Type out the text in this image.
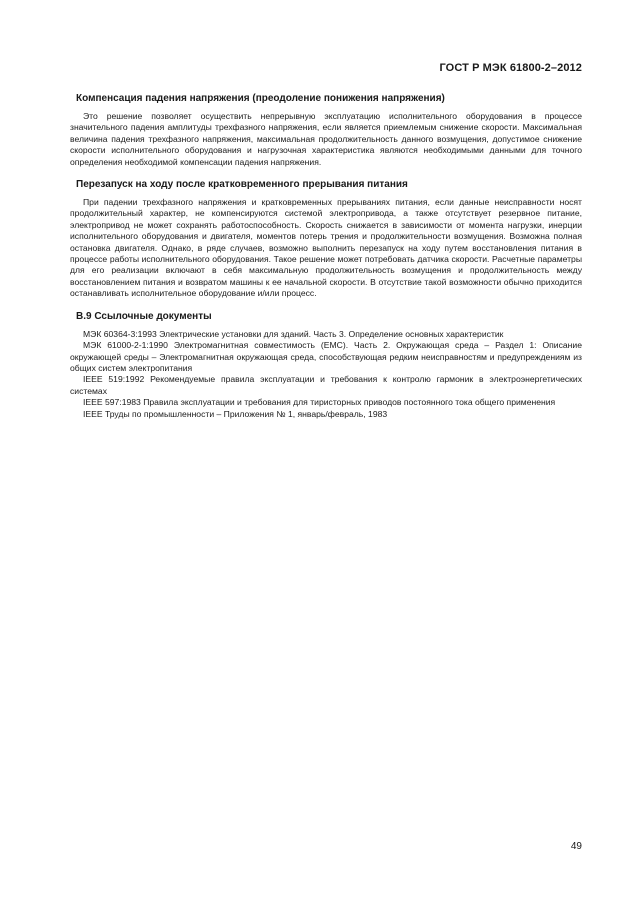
ГОСТ Р МЭК 61800-2–2012
Компенсация падения напряжения (преодоление понижения напряжения)

Это решение позволяет осуществить непрерывную эксплуатацию исполнительного оборудования в процессе значительного падения амплитуды трехфазного напряжения, если является приемлемым снижение скорости. Максимальная величина падения трехфазного напряжения, максимальная продолжительность данного возмущения, допустимое снижение скорости исполнительного оборудования и нагрузочная характеристика являются необходимыми данными для точного определения необходимой компенсации падения напряжения.

Перезапуск на ходу после кратковременного прерывания питания

При падении трехфазного напряжения и кратковременных прерываниях питания, если данные неисправности носят продолжительный характер, не компенсируются системой электропривода, а также отсутствует резервное питание, электропривод не может сохранять работоспособность. Скорость снижается в зависимости от момента нагрузки, инерции исполнительного оборудования и двигателя, моментов потерь трения и продолжительности возмущения. Возможна полная остановка двигателя. Однако, в ряде случаев, возможно выполнить перезапуск на ходу путем восстановления питания в процессе работы исполнительного оборудования. Такое решение может потребовать датчика скорости. Расчетные параметры для его реализации включают в себя максимальную продолжительность возмущения и продолжительность между восстановлением питания и возвратом машины к ее начальной скорости. В отсутствие такой возможности обычно приходится останавливать исполнительное оборудование и/или процесс.

В.9 Ссылочные документы

МЭК 60364-3:1993 Электрические установки для зданий. Часть 3. Определение основных характеристик

МЭК 61000-2-1:1990 Электромагнитная совместимость (ЕМС). Часть 2. Окружающая среда – Раздел 1: Описание окружающей среды – Электромагнитная окружающая среда, способствующая редким неисправностям и предупреждениям из общих систем электропитания

IEEE 519:1992 Рекомендуемые правила эксплуатации и требования к контролю гармоник в электроэнергетических системах

IEEE 597:1983 Правила эксплуатации и требования для тиристорных приводов постоянного тока общего применения

IEEE Труды по промышленности – Приложения № 1, январь/февраль, 1983

49
